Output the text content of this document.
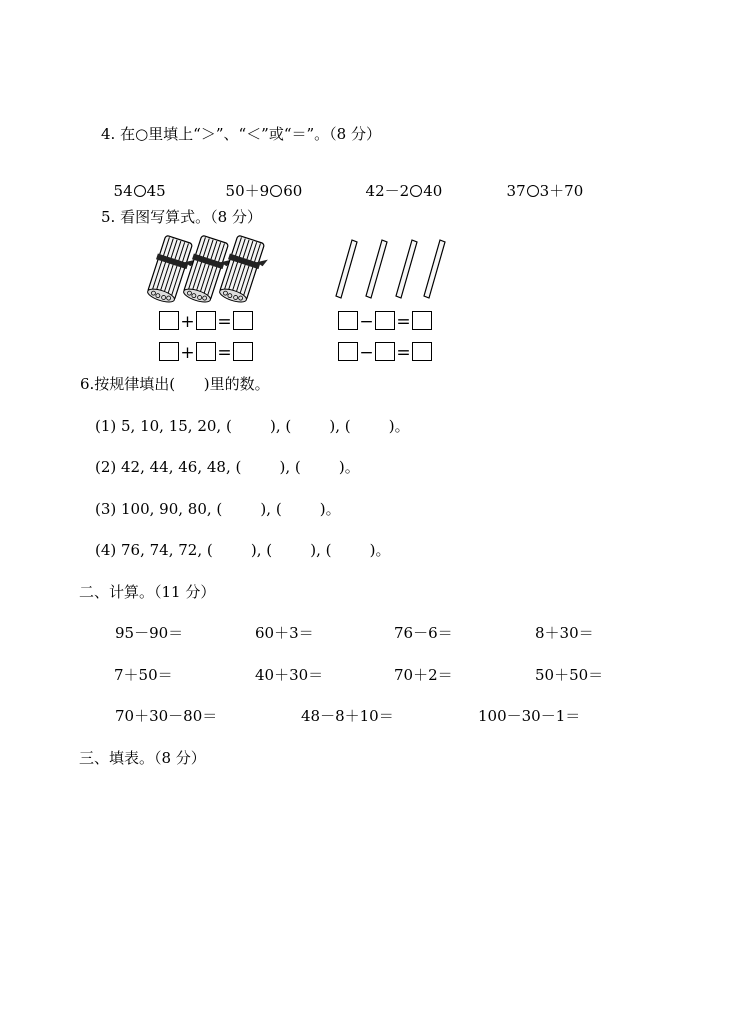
4. 在○里填上“＞”、“＜”或“＝”。（8 分）

54 45	50＋9 60	42－2 40	37 3＋70

5. 看图写算式。（8 分）
+ =
+ =
− =
− =
6.按规律填出(      )里的数。
(1) 5, 10, 15, 20, (        ), (        ), (        )。
(2) 42, 44, 46, 48, (        ), (        )。
(3) 100, 90, 80, (        ), (        )。
(4) 76, 74, 72, (        ), (        ), (        )。
二、计算。（11 分）
95－90＝	60＋3＝	76－6＝	8＋30＝
7＋50＝	40＋30＝	70＋2＝	50＋50＝
70＋30－80＝	48－8＋10＝	100－30－1＝
三、填表。（8 分）
